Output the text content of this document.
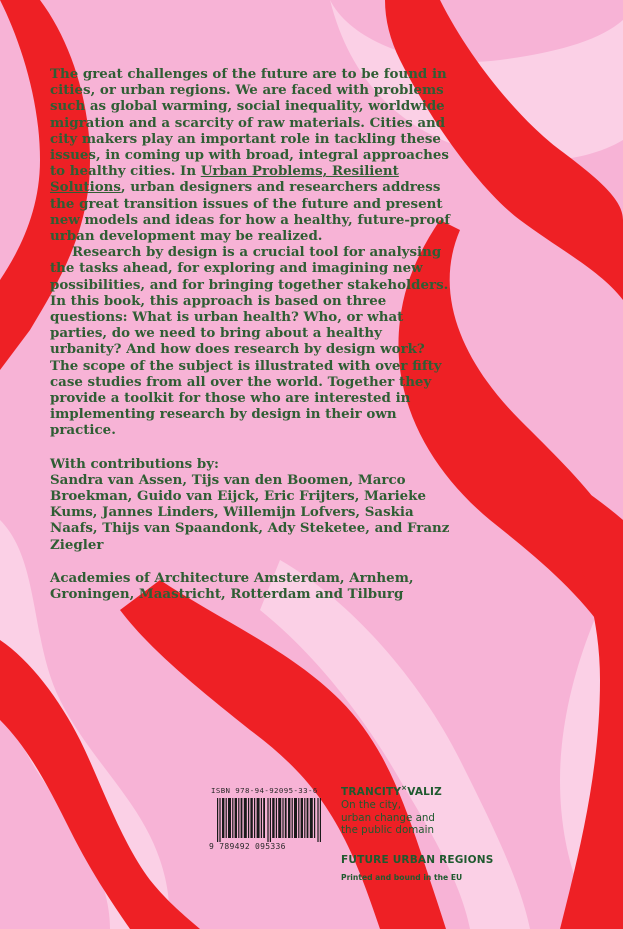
The great challenges of the future are to be found in cities, or urban regions. We are faced with problems such as global warming, social inequality, worldwide migration and a scarcity of raw materials. Cities and city makers play an important role in tackling these issues, in coming up with broad, integral approaches to healthy cities. In Urban Problems, Resilient Solutions, urban designers and researchers address the great transition issues of the future and present new models and ideas for how a healthy, future-proof urban development may be realized.

Research by design is a crucial tool for analysing the tasks ahead, for exploring and imagining new possibilities, and for bringing together stakeholders. In this book, this approach is based on three questions: What is urban health? Who, or what parties, do we need to bring about a healthy urbanity? And how does research by design work? The scope of the subject is illustrated with over fifty case studies from all over the world. Together they provide a toolkit for those who are interested in implementing research by design in their own practice.

With contributions by:

Sandra van Assen, Tijs van den Boomen, Marco Broekman, Guido van Eijck, Eric Frijters, Marieke Kums, Jannes Linders, Willemijn Lofvers, Saskia Naafs, Thijs van Spaandonk, Ady Steketee, and Franz Ziegler

Academies of Architecture Amsterdam, Arnhem, Groningen, Maastricht, Rotterdam and Tilburg

ISBN 978-94-92095-33-6
9 789492 095336
TRANCITY×VALIZ
On the city,
urban change and
the public domain
FUTURE URBAN REGIONS
Printed and bound in the EU
